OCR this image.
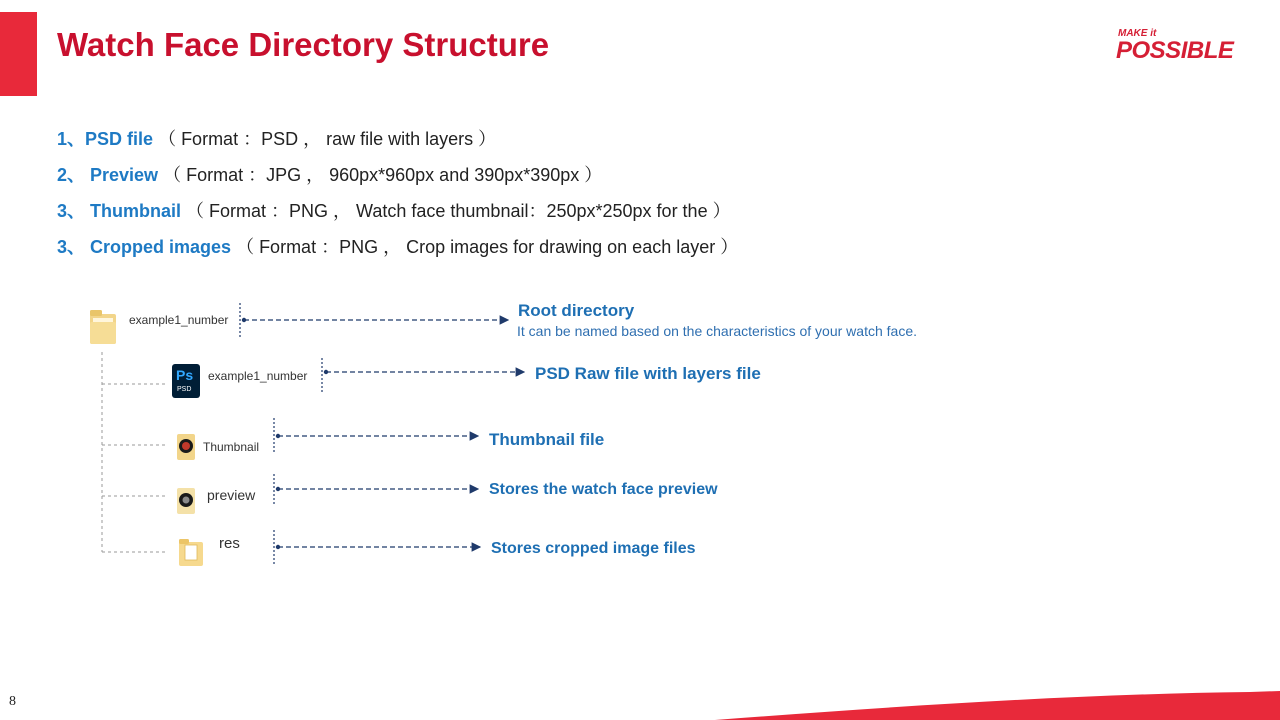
Watch Face Directory Structure	MAKE it
POSSIBLE
1、PSD file （ Format ：PSD ， raw file with layers ）
2、 Preview （ Format ：JPG ， 960px*960px and 390px*390px ）
3、 Thumbnail （ Format ：PNG ， Watch face thumbnail：250px*250px for the ）
3、 Cropped images （ Format ：PNG ， Crop images for drawing on each layer ）
example1_number	Root directory
It can be named based on the characteristics of your watch face.
Ps
PSD
example1_number	PSD Raw file with layers file
Thumbnail	Thumbnail file
preview	Stores the watch face preview
res	Stores cropped image files
8
